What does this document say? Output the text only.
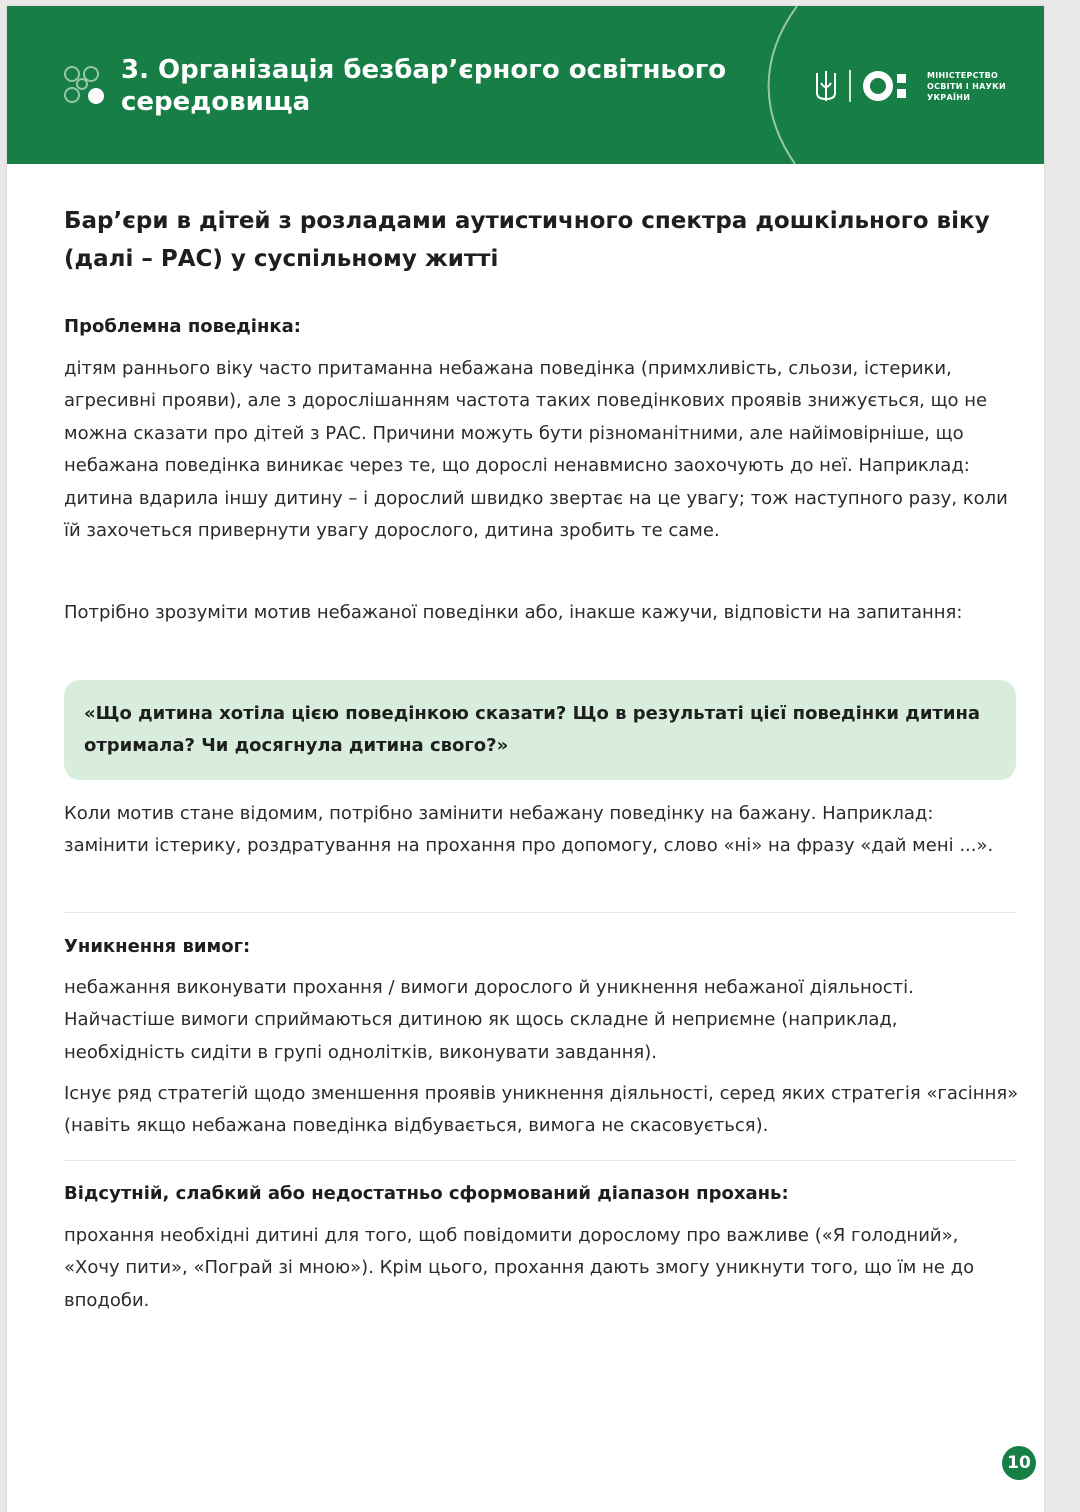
3. Організація безбар’єрного освітнього середовища
МІНІСТЕРСТВО ОСВІТИ І НАУКИ УКРАЇНИ
Бар’єри в дітей з розладами аутистичного спектра дошкільного віку (далі – РАС) у суспільному житті
Проблемна поведінка:

дітям раннього віку часто притаманна небажана поведінка (примхливість, сльози, істерики, агресивні прояви), але з дорослішанням частота таких поведінкових проявів знижується, що не можна сказати про дітей з РАС. Причини можуть бути різноманітними, але найімовірніше, що небажана поведінка виникає через те, що дорослі ненавмисно заохочують до неї. Наприклад: дитина вдарила іншу дитину – і дорослий швидко звертає на це увагу; тож наступного разу, коли їй захочеться привернути увагу дорослого, дитина зробить те саме.

Потрібно зрозуміти мотив небажаної поведінки або, інакше кажучи, відповісти на запитання:

«Що дитина хотіла цією поведінкою сказати? Що в результаті цієї поведінки дитина отримала? Чи досягнула дитина свого?»

Коли мотив стане відомим, потрібно замінити небажану поведінку на бажану. Наприклад: замінити істерику, роздратування на прохання про допомогу, слово «ні» на фразу «дай мені ...».

Уникнення вимог:

небажання виконувати прохання / вимоги дорослого й уникнення небажаної діяльності. Найчастіше вимоги сприймаються дитиною як щось складне й неприємне (наприклад, необхідність сидіти в групі однолітків, виконувати завдання).

Існує ряд стратегій щодо зменшення проявів уникнення діяльності, серед яких стратегія «гасіння» (навіть якщо небажана поведінка відбувається, вимога не скасовується).

Відсутній, слабкий або недостатньо сформований діапазон прохань:

прохання необхідні дитині для того, щоб повідомити дорослому про важливе («Я голодний», «Хочу пити», «Пограй зі мною»). Крім цього, прохання дають змогу уникнути того, що їм не до вподоби.

10
